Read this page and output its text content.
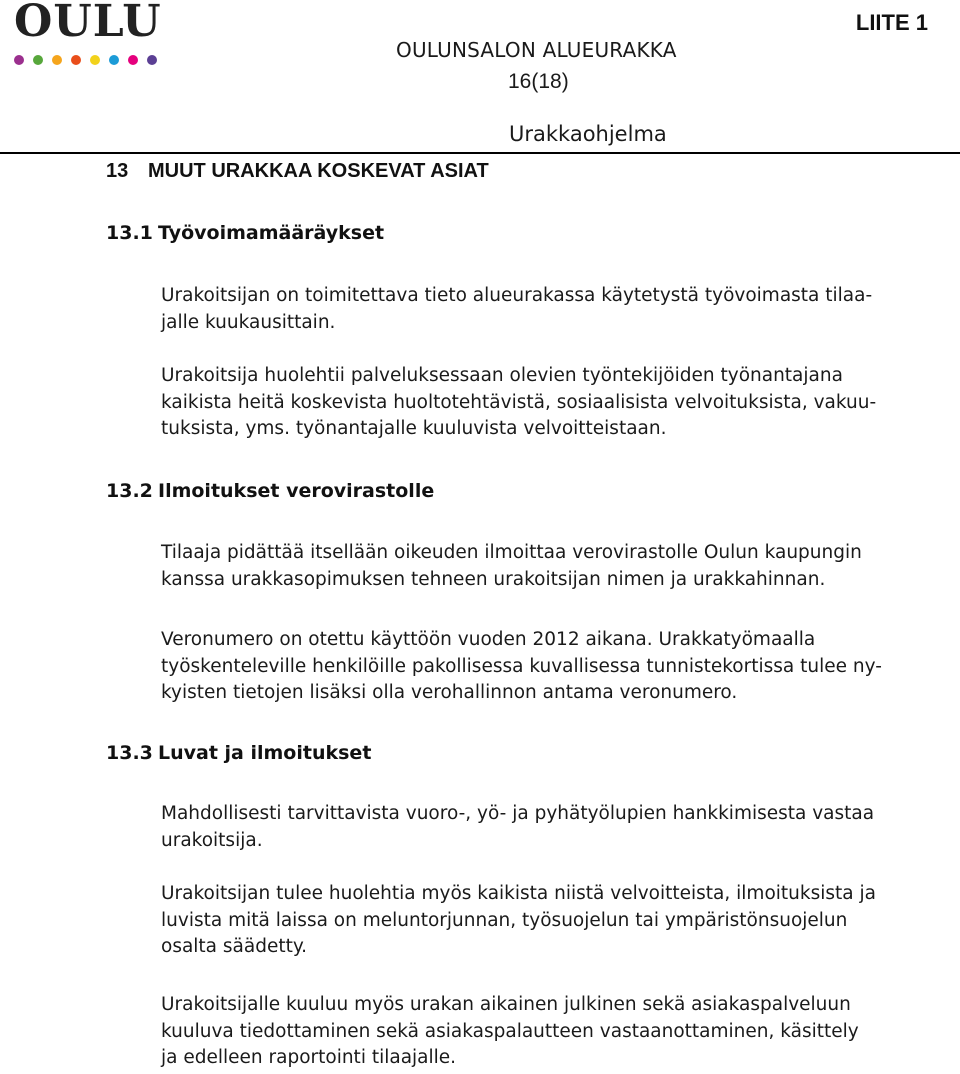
OULU	LIITE 1
OULUNSALON ALUEURAKKA
16(18)
Urakkaohjelma
13 MUUT URAKKAA KOSKEVAT ASIAT
13.1 Työvoimamääräykset
Urakoitsijan on toimitettava tieto alueurakassa käytetystä työvoimasta tilaa-
jalle kuukausittain.
Urakoitsija huolehtii palveluksessaan olevien työntekijöiden työnantajana
kaikista heitä koskevista huoltotehtävistä, sosiaalisista velvoituksista, vakuu-
tuksista, yms. työnantajalle kuuluvista velvoitteistaan.
13.2 Ilmoitukset verovirastolle
Tilaaja pidättää itsellään oikeuden ilmoittaa verovirastolle Oulun kaupungin
kanssa urakkasopimuksen tehneen urakoitsijan nimen ja urakkahinnan.
Veronumero on otettu käyttöön vuoden 2012 aikana. Urakkatyömaalla
työskenteleville henkilöille pakollisessa kuvallisessa tunnistekortissa tulee ny-
kyisten tietojen lisäksi olla verohallinnon antama veronumero.
13.3 Luvat ja ilmoitukset
Mahdollisesti tarvittavista vuoro-, yö- ja pyhätyölupien hankkimisesta vastaa
urakoitsija.
Urakoitsijan tulee huolehtia myös kaikista niistä velvoitteista, ilmoituksista ja
luvista mitä laissa on meluntorjunnan, työsuojelun tai ympäristönsuojelun
osalta säädetty.
Urakoitsijalle kuuluu myös urakan aikainen julkinen sekä asiakaspalveluun
kuuluva tiedottaminen sekä asiakaspalautteen vastaanottaminen, käsittely
ja edelleen raportointi tilaajalle.
